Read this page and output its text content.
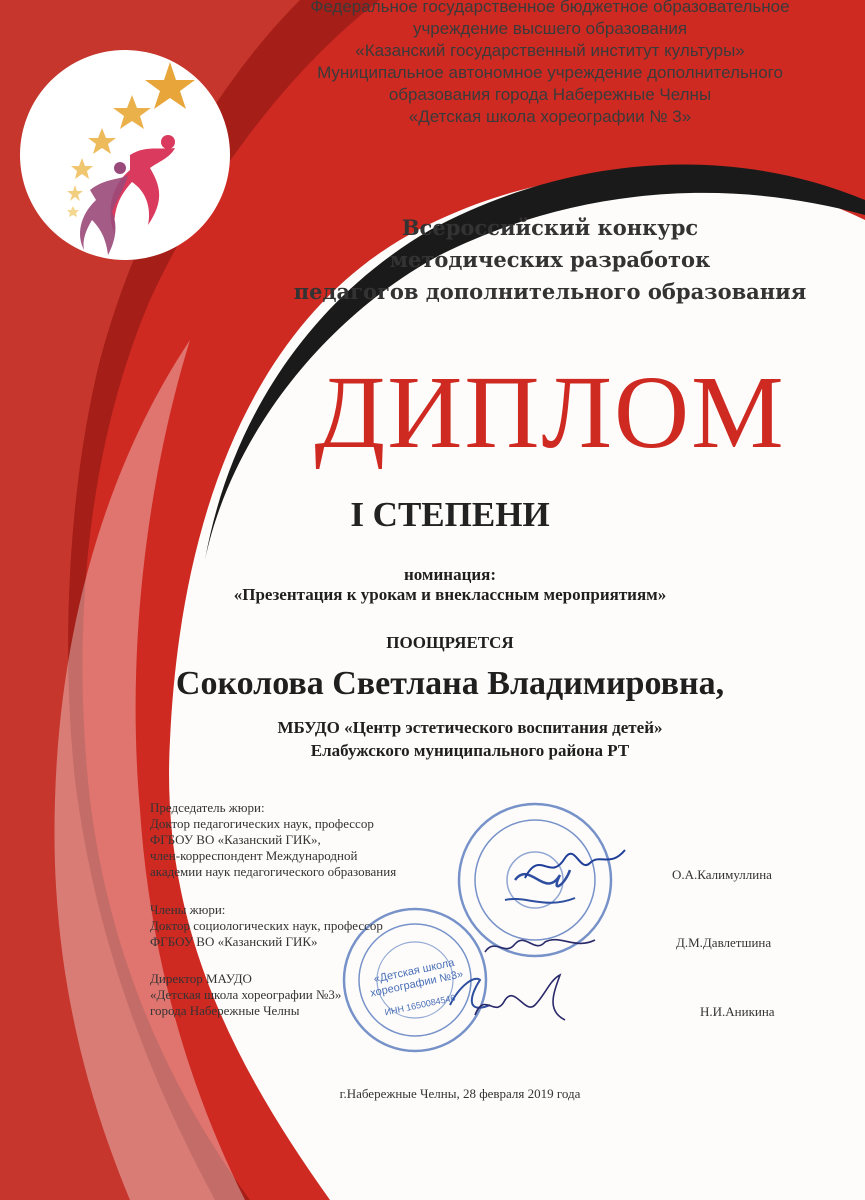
Федеральное государственное бюджетное образовательное
учреждение высшего образования
«Казанский государственный институт культуры»
Муниципальное автономное учреждение дополнительного
образования города Набережные Челны
«Детская школа хореографии № 3»
Всероссийский конкурс
методических разработок
педагогов дополнительного образования
ДИПЛОМ
I СТЕПЕНИ
номинация:
«Презентация к урокам и внеклассным мероприятиям»
ПООЩРЯЕТСЯ
Соколова Светлана Владимировна,
МБУДО «Центр эстетического воспитания детей»
Елабужского муниципального района РТ
«Детская школа хореографии №3»
ИНН 1650084546
Председатель жюри:
Доктор педагогических наук, профессор
ФГБОУ ВО «Казанский ГИК»,
член-корреспондент Международной
академии наук педагогического образования	О.А.Калимуллина
Члены жюри:
Доктор социологических наук, профессор
ФГБОУ ВО «Казанский ГИК»	Д.М.Давлетшина
Директор МАУДО
«Детская школа хореографии №3»
города Набережные Челны	Н.И.Аникина
г.Набережные Челны, 28 февраля 2019 года
